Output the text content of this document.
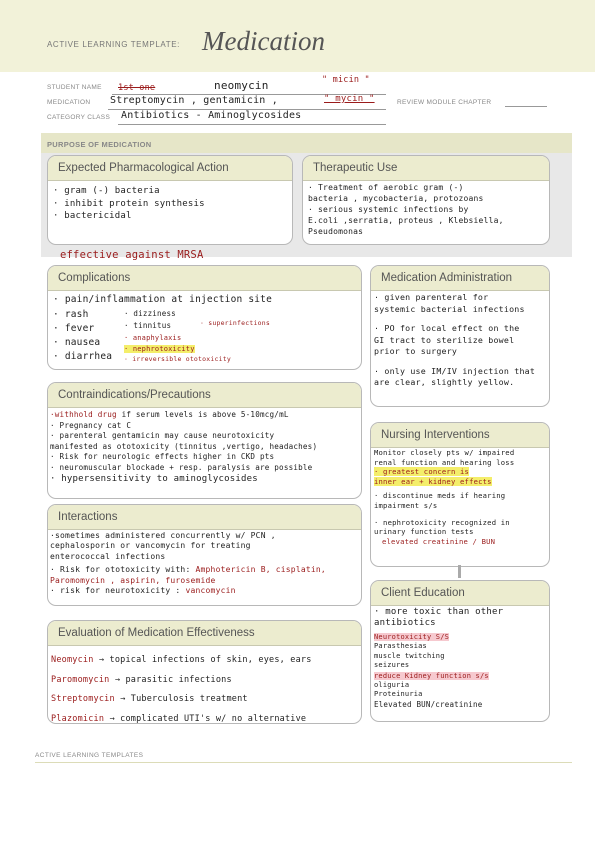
ACTIVE LEARNING TEMPLATE: Medication
STUDENT NAME 1st one	neomycin	" micin "
MEDICATION Streptomycin , gentamicin ,	" mycin "	REVIEW MODULE CHAPTER
CATEGORY CLASS Antibiotics - Aminoglycosides
PURPOSE OF MEDICATION
Expected Pharmacological Action
· gram (-) bacteria
· inhibit protein synthesis
· bactericidal
Therapeutic Use
· Treatment of aerobic gram (-)
bacteria , mycobacteria, protozoans
· serious systemic infections by
E.coli ,serratia, proteus , Klebsiella,
Pseudomonas
effective against MRSA
Complications
· pain/inflammation at injection site
· rash
· fever
· nausea
· diarrhea
· dizziness
· tinnitus	· superinfections
· anaphylaxis
· nephrotoxicity
· irreversible ototoxicity
Medication Administration
· given parenteral for
systemic bacterial infections
· PO for local effect on the
GI tract to sterilize bowel
prior to surgery
· only use IM/IV injection that
are clear, slightly yellow.
Contraindications/Precautions
·withhold drug if serum levels is above 5-10mcg/mL
· Pregnancy cat C
· parenteral gentamicin may cause neurotoxicity
manifested as ototoxicity (tinnitus ,vertigo, headaches)
· Risk for neurologic effects higher in CKD pts
· neuromuscular blockade + resp. paralysis are possible
· hypersensitivity to aminoglycosides
Nursing Interventions
Monitor closely pts w/ impaired
renal function and hearing loss
· greatest concern is
inner ear + kidney effects
· discontinue meds if hearing
impairment s/s
· nephrotoxicity recognized in
urinary function tests
elevated creatinine / BUN
Interactions
·sometimes administered concurrently w/ PCN ,
cephalosporin or vancomycin for treating
enterococcal infections
· Risk for ototoxicity with: Amphotericin B, cisplatin,
Paromomycin , aspirin, furosemide
· risk for neurotoxicity : vancomycin	Client Education
· more toxic than other
antibiotics
Neurotoxicity S/S
Parasthesias
muscle twitching
seizures
reduce Kidney function s/s
oliguria
Proteinuria
Elevated BUN/creatinine
Evaluation of Medication Effectiveness
Neomycin → topical infections of skin, eyes, ears
Paromomycin → parasitic infections
Streptomycin → Tuberculosis treatment
Plazomicin → complicated UTI's w/ no alternative
ACTIVE LEARNING TEMPLATES
